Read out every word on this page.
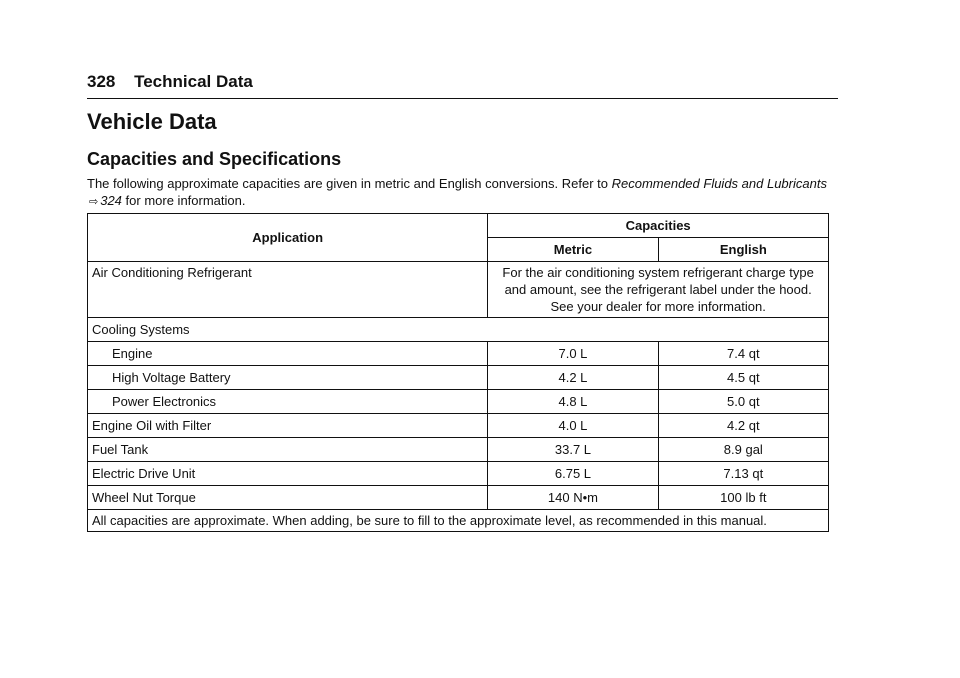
328 Technical Data
Vehicle Data
Capacities and Specifications
The following approximate capacities are given in metric and English conversions. Refer to Recommended Fluids and Lubricants ⇨ 324 for more information.
Application	Capacities	
	Metric	English
Air Conditioning Refrigerant	For the air conditioning system refrigerant charge type and amount, see the refrigerant label under the hood. See your dealer for more information.	
Cooling Systems		
Engine	7.0 L	7.4 qt
High Voltage Battery	4.2 L	4.5 qt
Power Electronics	4.8 L	5.0 qt
Engine Oil with Filter	4.0 L	4.2 qt
Fuel Tank	33.7 L	8.9 gal
Electric Drive Unit	6.75 L	7.13 qt
Wheel Nut Torque	140 N•m	100 lb ft
All capacities are approximate. When adding, be sure to fill to the approximate level, as recommended in this manual.		
